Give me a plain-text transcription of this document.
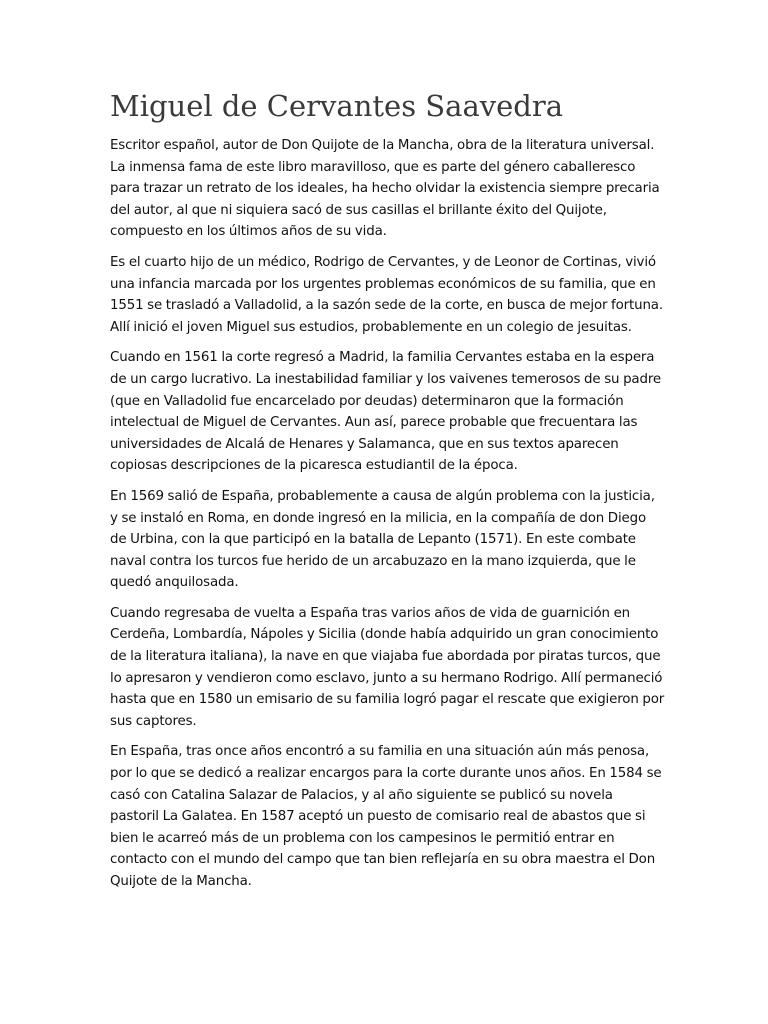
Miguel de Cervantes Saavedra

Escritor español, autor de Don Quijote de la Mancha, obra de la literatura universal. La inmensa fama de este libro maravilloso, que es parte del género caballeresco para trazar un retrato de los ideales, ha hecho olvidar la existencia siempre precaria del autor, al que ni siquiera sacó de sus casillas el brillante éxito del Quijote, compuesto en los últimos años de su vida.

Es el cuarto hijo de un médico, Rodrigo de Cervantes, y de Leonor de Cortinas, vivió una infancia marcada por los urgentes problemas económicos de su familia, que en 1551 se trasladó a Valladolid, a la sazón sede de la corte, en busca de mejor fortuna. Allí inició el joven Miguel sus estudios, probablemente en un colegio de jesuitas.

Cuando en 1561 la corte regresó a Madrid, la familia Cervantes estaba en la espera de un cargo lucrativo. La inestabilidad familiar y los vaivenes temerosos de su padre (que en Valladolid fue encarcelado por deudas) determinaron que la formación intelectual de Miguel de Cervantes. Aun así, parece probable que frecuentara las universidades de Alcalá de Henares y Salamanca, que en sus textos aparecen copiosas descripciones de la picaresca estudiantil de la época.

En 1569 salió de España, probablemente a causa de algún problema con la justicia, y se instaló en Roma, en donde ingresó en la milicia, en la compañía de don Diego de Urbina, con la que participó en la batalla de Lepanto (1571). En este combate naval contra los turcos fue herido de un arcabuzazo en la mano izquierda, que le quedó anquilosada.

Cuando regresaba de vuelta a España tras varios años de vida de guarnición en Cerdeña, Lombardía, Nápoles y Sicilia (donde había adquirido un gran conocimiento de la literatura italiana), la nave en que viajaba fue abordada por piratas turcos, que lo apresaron y vendieron como esclavo, junto a su hermano Rodrigo. Allí permaneció hasta que en 1580 un emisario de su familia logró pagar el rescate que exigieron por sus captores.

En España, tras once años encontró a su familia en una situación aún más penosa, por lo que se dedicó a realizar encargos para la corte durante unos años. En 1584 se casó con Catalina Salazar de Palacios, y al año siguiente se publicó su novela pastoril La Galatea. En 1587 aceptó un puesto de comisario real de abastos que si bien le acarreó más de un problema con los campesinos le permitió entrar en contacto con el mundo del campo que tan bien reflejaría en su obra maestra el Don Quijote de la Mancha.
